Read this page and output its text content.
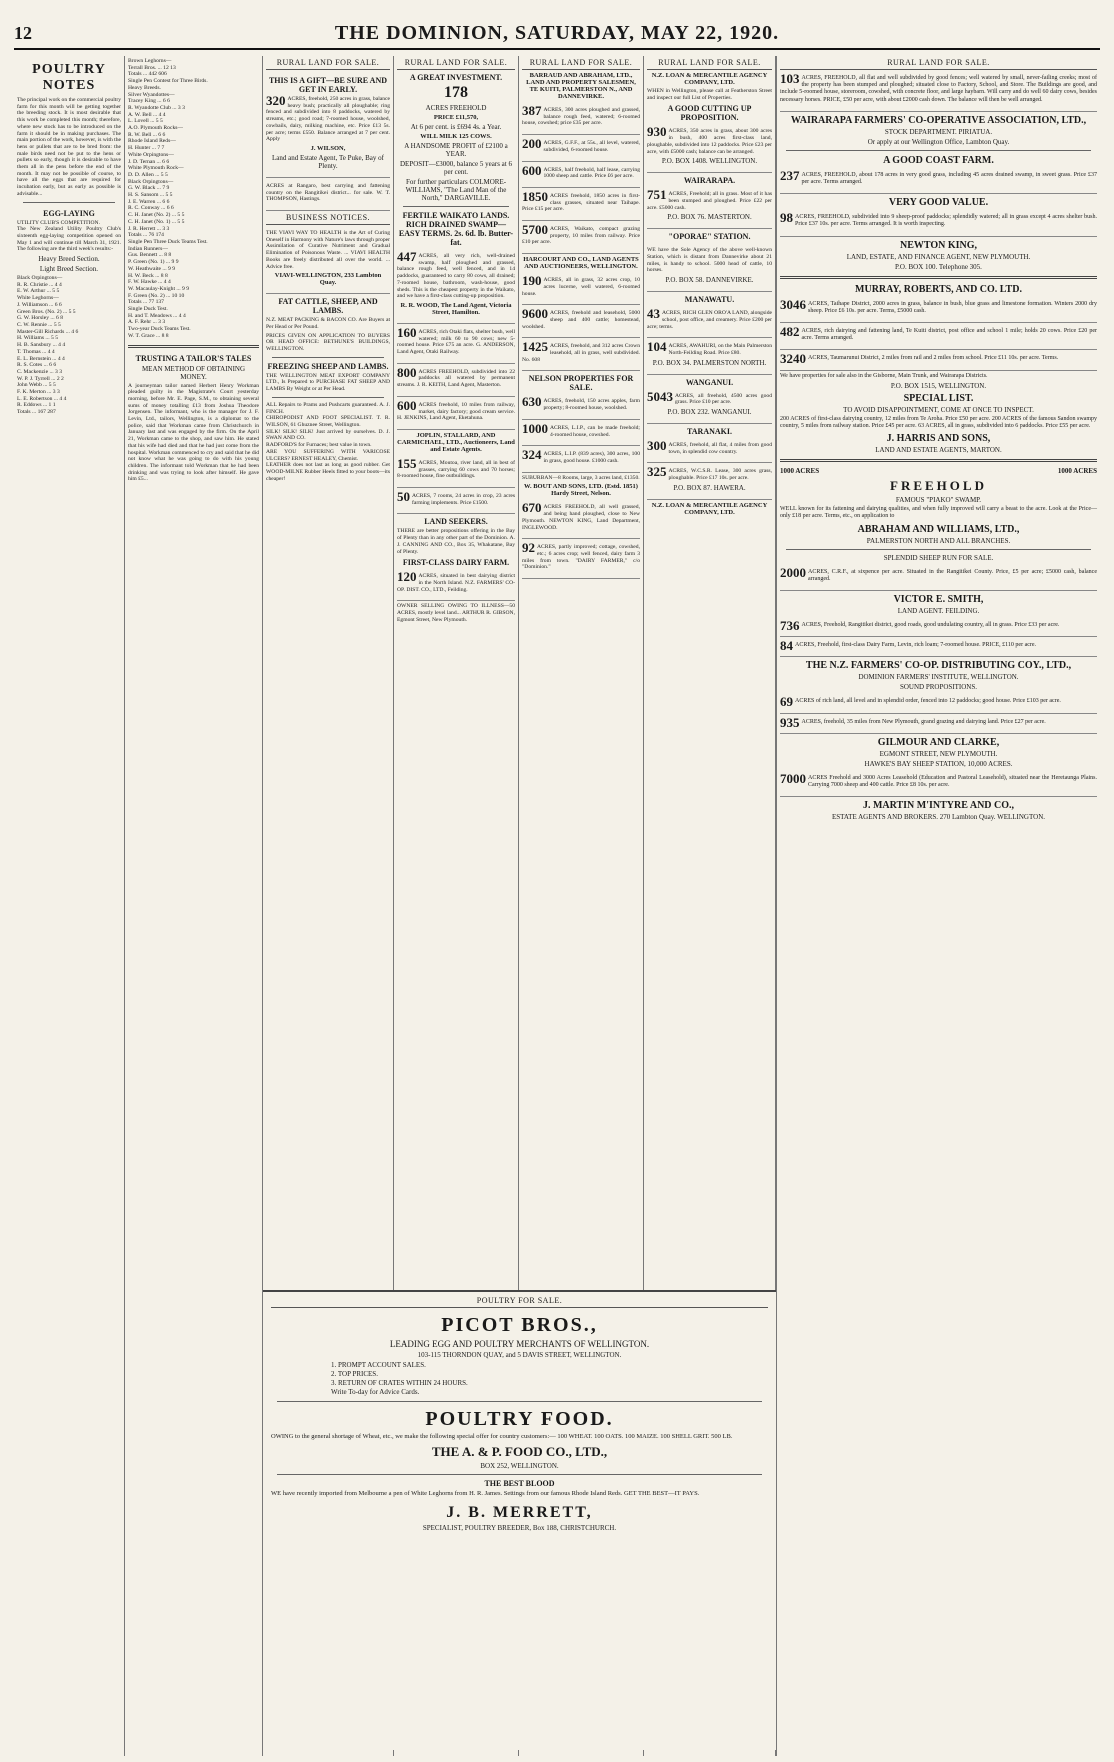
12	THE DOMINION, SATURDAY, MAY 22, 1920.
POULTRY NOTES

The principal work on the commercial poultry farm for this month will be getting together the breeding stock. It is most desirable that this work be completed this month; therefore, where new stock has to be introduced on the farm it should be in making purchases. The main portion of the work, however, is with the hens or pullets that are to be bred from: the male birds need not be put to the hens or pullets so early, though it is desirable to have them all in the pens before the end of the month. It may not be possible of course, to have all the eggs that are required for incubation early, but as early as possible is advisable...

EGG-LAYING

UTILITY CLUB'S COMPETITION.
The New Zealand Utility Poultry Club's sixteenth egg-laying competition opened on May 1 and will continue till March 31, 1921. The following are the third week's results:-

Heavy Breed Section.
Light Breed Section.

Black Orpingtons—
R. R. Christie ... 4 4
E. W. Arthur ... 5 5
White Leghorns—
J. Williamson ... 6 6
Green Bros. (No. 2) ... 5 5
G. W. Horsley ... 6 8
C. W. Rennie ... 5 5
Master-Gill Richards ... 4 6
H. Williams ... 5 5
H. B. Sansbury ... 4 4
T. Thomas ... 4 4
E. L. Bernstein ... 4 4
R. S. Cotes ... 6 6
C. Mackenzie ... 3 3
W. P. J. Tyrrell ... 2 2
John Webb ... 5 5
F. K. Merton ... 3 3
L. E. Robertson ... 4 4
R. Eddows ... 1 1
Totals ... 167 287

Brown Leghorns—
Terrall Bros. ... 12 13
Totals ... 442 606
Single Pen Contest for Three Birds.
Heavy Breeds.
Silver Wyandottes—
Tracey King ... 6 6
R. Wyandotte Club ... 3 3
A. W. Bell ... 4 4
L. Lovell ... 5 5
A.O. Plymouth Rocks—
R. W. Bell ... 6 6
Rhode Island Reds—
H. Hunter ... 7 7
White Orpingtons—
J. D. Ternan ... 6 6
White Plymouth Rock—
D. D. Allen ... 5 5
Black Orpingtons—
G. W. Black ... 7 9
H. S. Sansom ... 5 5
J. E. Warren ... 6 6
R. C. Conway ... 6 6
C. H. Janet (No. 2) ... 5 5
C. H. Janet (No. 1) ... 5 5
J. R. Herrett ... 3 3
Totals ... 76 174
Single Pen Three Duck Teams Test.
Indian Runners—
Gus. Bennett ... 8 8
P. Green (No. 1) ... 9 9
W. Heathwaite ... 9 9
H. W. Beck ... 8 8
F. W. Hawke ... 4 4
W. Macaulay-Knight ... 9 9
F. Green (No. 2) ... 10 10
Totals ... 77 137
Single Duck Test.
H. and T. Meadows ... 4 4
A. F. Rehr ... 3 3
Two-year Duck Teams Test.
W. T. Grace ... 8 8

TRUSTING A TAILOR'S TALES
MEAN METHOD OF OBTAINING MONEY.

A journeyman tailor named Herbert Henry Workman pleaded guilty in the Magistrate's Court yesterday morning, before Mr. E. Page, S.M., to obtaining several sums of money totalling £13 from Joshua Theodore Jorgensen. The informant, who is the manager for J. F. Levin, Ltd., tailors, Wellington, is a diplomat to the police, said that Workman came from Christchurch in January last and was engaged by the firm. On the April 21, Workman came to the shop, and saw him. He stated that his wife had died and that he had just come from the hospital. Workman commenced to cry and said that he did not know what he was going to do with his young children. The informant told Workman that he had been drinking and was trying to look after himself. He gave him £5...

RURAL LAND FOR SALE.
THIS IS A GIFT—BE SURE AND GET IN EARLY.
320 ACRES, freehold, 250 acres in grass, balance heavy bush; practically all ploughable; ring fenced and subdivided into 8 paddocks, watered by streams, etc.; good road; 7-roomed house, woolshed, cowbails, dairy, milking machine, etc. Price £13 5s. per acre; terms £550. Balance arranged at 7 per cent. Apply

J. WILSON,
Land and Estate Agent, Te Puke, Bay of Plenty.

ACRES at Rangaro, best carrying and fattening country on the Rangitikei district... for sale. W. T. THOMPSON, Hastings.

BUSINESS NOTICES.

THE VIAVI WAY TO HEALTH is the Art of Curing Oneself in Harmony with Nature's laws through proper Assimilation of Curative Nutriment and Gradual Elimination of Poisonous Waste. ... VIAVI HEALTH Books are freely distributed all over the world. ... Advice free.

VIAVI-WELLINGTON, 233 Lambton Quay.
FAT CATTLE, SHEEP, AND LAMBS.

N.Z. MEAT PACKING & BACON CO. Are Buyers at Per Head or Per Pound.

PRICES GIVEN ON APPLICATION TO BUYERS OR HEAD OFFICE: BETHUNE'S BUILDINGS, WELLINGTON.

FREEZING SHEEP AND LAMBS.

THE WELLINGTON MEAT EXPORT COMPANY LTD., Is Prepared to PURCHASE FAT SHEEP AND LAMBS By Weight or at Per Head.

ALL Repairs to Prams and Pushcarts guaranteed. A. J. FINCH.
CHIROPODIST AND FOOT SPECIALIST. T. R. WILSON, 61 Ghuznee Street, Wellington.
SILK! SILK! SILK! Just arrived by ourselves. D. J. SWAN AND CO.
RADFORD'S for Furnaces; best value in town.
ARE YOU SUFFERING WITH VARICOSE ULCERS? ERNEST HEALEY, Chemist.
LEATHER does not last as long as good rubber. Get WOOD-MILNE Rubber Heels fitted to your boots—its cheaper!

RURAL LAND FOR SALE.
A GREAT INVESTMENT.
178
ACRES FREEHOLD
PRICE £11,570,
At 6 per cent. is £694 4s. a Year.
WILL MILK 125 COWS.
A HANDSOME PROFIT of £2100 a YEAR.
DEPOSIT—£3000, balance 5 years at 6 per cent.
For further particulars COLMORE-WILLIAMS, "The Land Man of the North," DARGAVILLE.
FERTILE WAIKATO LANDS. RICH DRAINED SWAMP—EASY TERMS. 2s. 6d. lb. Butter-fat.
447 ACRES, all very rich, well-drained swamp, half ploughed and grassed, balance rough feed, well fenced, and in 14 paddocks, guaranteed to carry 80 cows, all drained; 7-roomed house, bathroom, wash-house, good sheds. This is the cheapest property in the Waikato, and we have a first-class cutting-up proposition.

R. R. WOOD, The Land Agent, Victoria Street, Hamilton.
160 ACRES, rich Otaki flats, shelter bush, well watered; milk 60 to 90 cows; new 5-roomed house. Price £75 an acre. G. ANDERSON, Land Agent, Otaki Railway.

800 ACRES FREEHOLD, subdivided into 22 paddocks all watered by permanent streams. J. R. KEITH, Land Agent, Masterton.

600 ACRES freehold, 10 miles from railway, market, dairy factory; good cream service. H. JENKINS, Land Agent, Eketahuna.

JOPLIN, STALLARD, AND CARMICHAEL, LTD., Auctioneers, Land and Estate Agents.
155 ACRES, Moutoa, river land, all in best of grasses, carrying 60 cows and 70 horses; 8-roomed house, fine outbuildings.

50 ACRES, 7 rooms, 24 acres in crop, 23 acres farming implements. Price £1500.

LAND SEEKERS.

THERE are better propositions offering in the Bay of Plenty than in any other part of the Dominion. A. J. CANNING AND CO., Box 35, Whakatane, Bay of Plenty.

FIRST-CLASS DAIRY FARM.
120 ACRES, situated in best dairying district in the North Island. N.Z. FARMERS' CO-OP. DIST. CO., LTD., Feilding.

OWNER SELLING OWING TO ILLNESS—50 ACRES, mostly level land... ARTHUR R. GIBSON, Egmont Street, New Plymouth.

RURAL LAND FOR SALE.
BARRAUD AND ABRAHAM, LTD., LAND AND PROPERTY SALESMEN, TE KUITI, PALMERSTON N., AND DANNEVIRKE.
387 ACRES, 300 acres ploughed and grassed, balance rough feed, watered; 6-roomed house, cowshed; price £35 per acre.

200 ACRES, G.F.F., at 55s., all level, watered, subdivided, 6-roomed house.

600 ACRES, half freehold, half lease, carrying 1000 sheep and cattle. Price £6 per acre.

1850 ACRES freehold, 1850 acres in first-class grasses, situated near Taihape. Price £15 per acre.

5700 ACRES, Waikato, compact grazing property, 10 miles from railway. Price £10 per acre.

HARCOURT AND CO., LAND AGENTS AND AUCTIONEERS, WELLINGTON.
190 ACRES, all in grass, 32 acres crop, 10 acres lucerne, well watered, 6-roomed house.

9600 ACRES, freehold and leasehold, 5000 sheep and 400 cattle; homestead, woolshed.

1425 ACRES, freehold, and 312 acres Crown leasehold, all in grass, well subdivided. No. 608

NELSON PROPERTIES FOR SALE.
630 ACRES, freehold, 150 acres apples, farm property; 8-roomed house, woolshed.

1000 ACRES, L.I.P., can be made freehold; 4-roomed house, cowshed.

324 ACRES, L.I.P. (839 acres), 300 acres, 100 in grass, good house. £1000 cash.

SUBURBAN—8 Rooms, large, 3 acres land, £1350.

W. BOUT AND SONS, LTD. (Estd. 1851) Hardy Street, Nelson.
670 ACRES FREEHOLD, all well grassed, and being hand ploughed, close to New Plymouth. NEWTON KING, Land Department, INGLEWOOD.

92 ACRES, partly improved; cottage, cowshed, etc.; 6 acres crop; well fenced, dairy farm 3 miles from town. "DAIRY FARMER," c/o "Dominion."

RURAL LAND FOR SALE.
N.Z. LOAN & MERCANTILE AGENCY COMPANY, LTD.

WHEN in Wellington, please call at Featherston Street and inspect our full List of Properties.

A GOOD CUTTING UP PROPOSITION.
930 ACRES, 350 acres in grass, about 300 acres in bush, 400 acres first-class land, ploughable, subdivided into 12 paddocks. Price £23 per acre, with £5000 cash; balance can be arranged.

P.O. BOX 1408. WELLINGTON.
WAIRARAPA.
751 ACRES, Freehold; all in grass. Most of it has been stumped and ploughed. Price £22 per acre. £5000 cash.

P.O. BOX 76. MASTERTON.
"OPORAE" STATION.

WE have the Sole Agency of the above well-known Station, which is distant from Dannevirke about 21 miles, is handy to school. 5000 head of cattle, 10 horses.

P.O. BOX 58. DANNEVIRKE.
MANAWATU.
43 ACRES, RICH GLEN ORO'A LAND, alongside school, post office, and creamery. Price £200 per acre; terms.

104 ACRES, AWAHURI, on the Main Palmerston North-Feilding Road. Price £80.

P.O. BOX 34. PALMERSTON NORTH.
WANGANUI.
5043 ACRES, all freehold, 4500 acres good grass. Price £10 per acre.

P.O. BOX 232. WANGANUI.
TARANAKI.
300 ACRES, freehold, all flat, 4 miles from good town, in splendid cow country.

325 ACRES, W.C.S.R. Lease, 300 acres grass, ploughable. Price £17 10s. per acre.

P.O. BOX 87. HAWERA.
N.Z. LOAN & MERCANTILE AGENCY COMPANY, LTD.
RURAL LAND FOR SALE.
103 ACRES, FREEHOLD, all flat and well subdivided by good fences; well watered by small, never-failing creeks; most of the property has been stumped and ploughed; situated close to Factory, School, and Store. The Buildings are good, and include 5-roomed house, storeroom, cowshed, with concrete floor, and large haybarn. Will carry and do well 60 dairy cows, besides necessary horses. PRICE, £50 per acre, with about £2000 cash down. The balance will then be well arranged.

WAIRARAPA FARMERS' CO-OPERATIVE ASSOCIATION, LTD.,
STOCK DEPARTMENT. PIRIATUA.
Or apply at our Wellington Office, Lambton Quay.
A GOOD COAST FARM.
237 ACRES, FREEHOLD, about 178 acres in very good grass, including 45 acres drained swamp, in sweet grass. Price £37 per acre. Terms arranged.

VERY GOOD VALUE.
98 ACRES, FREEHOLD, subdivided into 9 sheep-proof paddocks; splendidly watered; all in grass except 4 acres shelter bush. Price £37 10s. per acre. Terms arranged. It is worth inspecting.

NEWTON KING,
LAND, ESTATE, AND FINANCE AGENT, NEW PLYMOUTH.
P.O. BOX 100. Telephone 305.
MURRAY, ROBERTS, AND CO. LTD.
3046 ACRES, Taihape District, 2000 acres in grass, balance in bush, blue grass and limestone formation. Winters 2000 dry sheep. Price £6 10s. per acre. Terms, £5000 cash.

482 ACRES, rich dairying and fattening land, Te Kuiti district, post office and school 1 mile; holds 20 cows. Price £20 per acre. Terms arranged.

3240 ACRES, Taumarunui District, 2 miles from rail and 2 miles from school. Price £11 10s. per acre. Terms.

We have properties for sale also in the Gisborne, Main Trunk, and Wairarapa Districts.

P.O. BOX 1515, WELLINGTON.
SPECIAL LIST.
TO AVOID DISAPPOINTMENT, COME AT ONCE TO INSPECT.

200 ACRES of first-class dairying country, 12 miles from Te Aroha. Price £50 per acre. 200 ACRES of the famous Sandon swampy country, 5 miles from railway station. Price £45 per acre. 63 ACRES, all in grass, subdivided into 6 paddocks. Price £55 per acre.

J. HARRIS AND SONS,
LAND AND ESTATE AGENTS, MARTON.
1000 ACRES	1000 ACRES
FREEHOLD
FAMOUS "PIAKO" SWAMP.

WELL known for its fattening and dairying qualities, and when fully improved will carry a beast to the acre. Look at the Price—only £18 per acre. Terms, etc., on application to

ABRAHAM AND WILLIAMS, LTD.,
PALMERSTON NORTH AND ALL BRANCHES.
SPLENDID SHEEP RUN FOR SALE.
2000 ACRES, C.R.F., at sixpence per acre. Situated in the Rangitikei County. Price, £5 per acre; £5000 cash, balance arranged.

VICTOR E. SMITH,
LAND AGENT. FEILDING.
736 ACRES, Freehold, Rangitikei district, good roads, good undulating country, all in grass. Price £33 per acre.

84 ACRES, Freehold, first-class Dairy Farm, Levin, rich loam; 7-roomed house. PRICE, £110 per acre.

THE N.Z. FARMERS' CO-OP. DISTRIBUTING COY., LTD.,
DOMINION FARMERS' INSTITUTE, WELLINGTON.
SOUND PROPOSITIONS.
69 ACRES of rich land, all level and in splendid order, fenced into 12 paddocks; good house. Price £103 per acre.

935 ACRES, freehold, 35 miles from New Plymouth, grand grazing and dairying land. Price £27 per acre.

GILMOUR AND CLARKE,
EGMONT STREET, NEW PLYMOUTH.
HAWKE'S BAY SHEEP STATION, 10,000 ACRES.
7000 ACRES Freehold and 3000 Acres Leasehold (Education and Pastoral Leasehold), situated near the Heretaunga Plains. Carrying 7000 sheep and 400 cattle. Price £8 10s. per acre.

J. MARTIN M'INTYRE AND CO.,
ESTATE AGENTS AND BROKERS. 270 Lambton Quay. WELLINGTON.
POULTRY FOR SALE.
PICOT BROS.,
LEADING EGG AND POULTRY MERCHANTS OF WELLINGTON.
103-115 THORNDON QUAY, and 5 DAVIS STREET, WELLINGTON.

1. PROMPT ACCOUNT SALES.
2. TOP PRICES.
3. RETURN OF CRATES WITHIN 24 HOURS.
Write To-day for Advice Cards.

POULTRY FOOD.

OWING to the general shortage of Wheat, etc., we make the following special offer for country customers:— 100 WHEAT. 100 OATS. 100 MAIZE. 100 SHELL GRIT. 500 LB.

THE A. & P. FOOD CO., LTD.,
BOX 252, WELLINGTON.
THE BEST BLOOD

WE have recently imported from Melbourne a pen of White Leghorns from H. R. James. Settings from our famous Rhode Island Reds. GET THE BEST—IT PAYS.

J. B. MERRETT,
SPECIALIST, POULTRY BREEDER, Box 188, CHRISTCHURCH.
